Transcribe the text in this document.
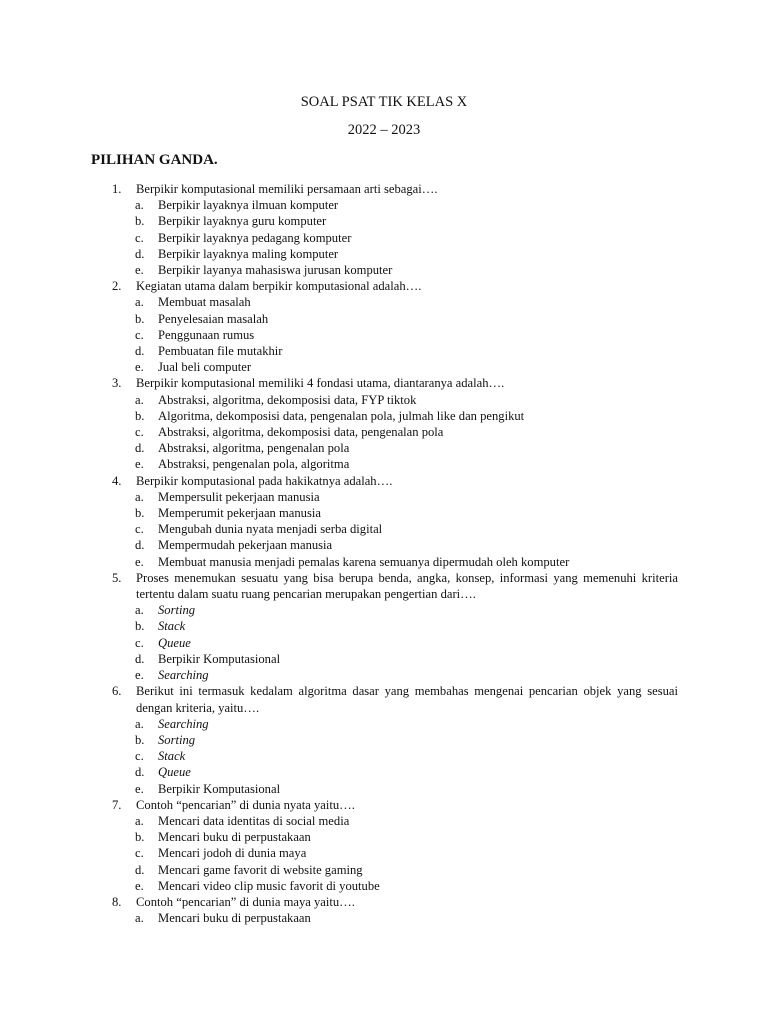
SOAL PSAT TIK KELAS X
2022 – 2023
PILIHAN GANDA.
1. Berpikir komputasional memiliki persamaan arti sebagai….
a. Berpikir layaknya ilmuan komputer
b. Berpikir layaknya guru komputer
c. Berpikir layaknya pedagang komputer
d. Berpikir layaknya maling komputer
e. Berpikir layanya mahasiswa jurusan komputer
2. Kegiatan utama dalam berpikir komputasional adalah….
a. Membuat masalah
b. Penyelesaian masalah
c. Penggunaan rumus
d. Pembuatan file mutakhir
e. Jual beli computer
3. Berpikir komputasional memiliki 4 fondasi utama, diantaranya adalah….
a. Abstraksi, algoritma, dekomposisi data, FYP tiktok
b. Algoritma, dekomposisi data, pengenalan pola, julmah like dan pengikut
c. Abstraksi, algoritma, dekomposisi data, pengenalan pola
d. Abstraksi, algoritma, pengenalan pola
e. Abstraksi, pengenalan pola, algoritma
4. Berpikir komputasional pada hakikatnya adalah….
a. Mempersulit pekerjaan manusia
b. Memperumit pekerjaan manusia
c. Mengubah dunia nyata menjadi serba digital
d. Mempermudah pekerjaan manusia
e. Membuat manusia menjadi pemalas karena semuanya dipermudah oleh komputer
5. Proses menemukan sesuatu yang bisa berupa benda, angka, konsep, informasi yang memenuhi kriteria tertentu dalam suatu ruang pencarian merupakan pengertian dari….
a. Sorting
b. Stack
c. Queue
d. Berpikir Komputasional
e. Searching
6. Berikut ini termasuk kedalam algoritma dasar yang membahas mengenai pencarian objek yang sesuai dengan kriteria, yaitu….
a. Searching
b. Sorting
c. Stack
d. Queue
e. Berpikir Komputasional
7. Contoh “pencarian” di dunia nyata yaitu….
a. Mencari data identitas di social media
b. Mencari buku di perpustakaan
c. Mencari jodoh di dunia maya
d. Mencari game favorit di website gaming
e. Mencari video clip music favorit di youtube
8. Contoh “pencarian” di dunia maya yaitu….
a. Mencari buku di perpustakaan
